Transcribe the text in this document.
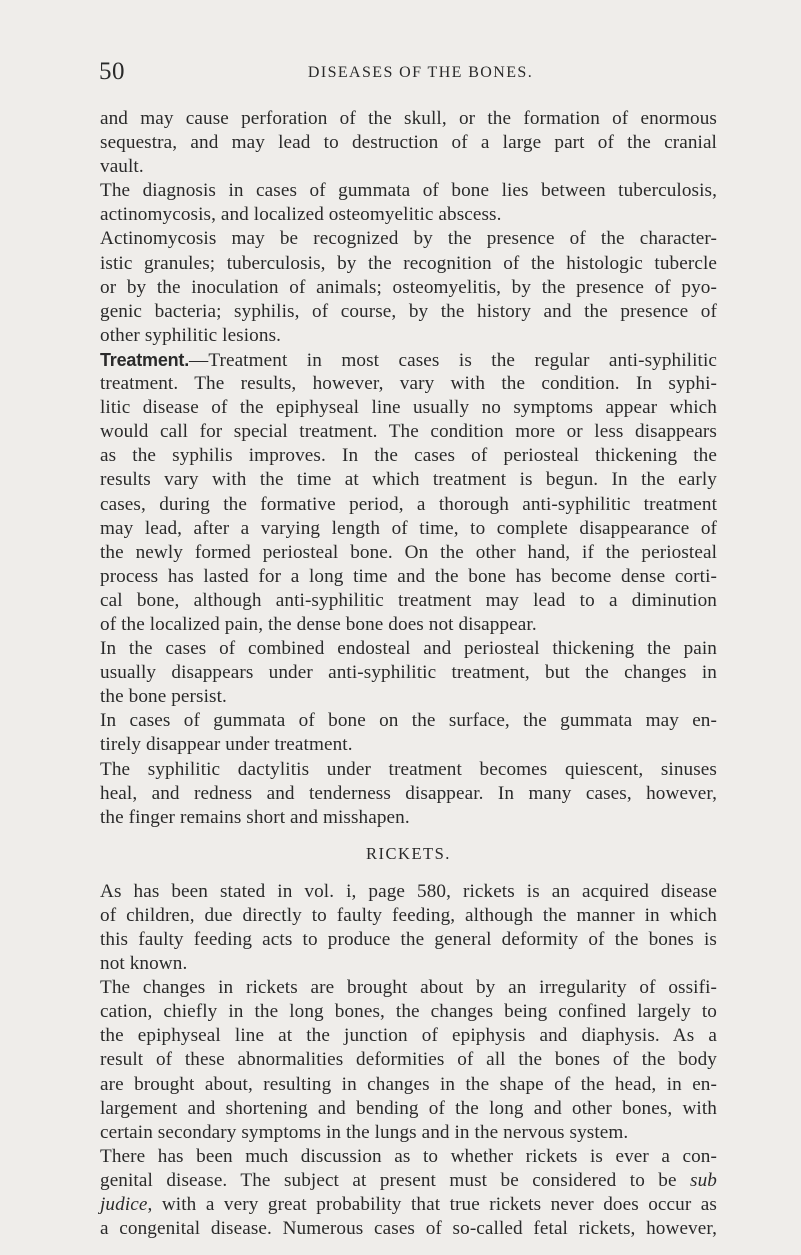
50	DISEASES OF THE BONES.
and may cause perforation of the skull, or the formation of enormous
sequestra, and may lead to destruction of a large part of the cranial
vault.
The diagnosis in cases of gummata of bone lies between tuberculosis,
actinomycosis, and localized osteomyelitic abscess.
Actinomycosis may be recognized by the presence of the character-
istic granules; tuberculosis, by the recognition of the histologic tubercle
or by the inoculation of animals; osteomyelitis, by the presence of pyo-
genic bacteria; syphilis, of course, by the history and the presence of
other syphilitic lesions.
Treatment.—Treatment in most cases is the regular anti-syphilitic
treatment. The results, however, vary with the condition. In syphi-
litic disease of the epiphyseal line usually no symptoms appear which
would call for special treatment. The condition more or less disappears
as the syphilis improves. In the cases of periosteal thickening the
results vary with the time at which treatment is begun. In the early
cases, during the formative period, a thorough anti-syphilitic treatment
may lead, after a varying length of time, to complete disappearance of
the newly formed periosteal bone. On the other hand, if the periosteal
process has lasted for a long time and the bone has become dense corti-
cal bone, although anti-syphilitic treatment may lead to a diminution
of the localized pain, the dense bone does not disappear.
In the cases of combined endosteal and periosteal thickening the pain
usually disappears under anti-syphilitic treatment, but the changes in
the bone persist.
In cases of gummata of bone on the surface, the gummata may en-
tirely disappear under treatment.
The syphilitic dactylitis under treatment becomes quiescent, sinuses
heal, and redness and tenderness disappear. In many cases, however,
the finger remains short and misshapen.
RICKETS.
As has been stated in vol. i, page 580, rickets is an acquired disease
of children, due directly to faulty feeding, although the manner in which
this faulty feeding acts to produce the general deformity of the bones is
not known.
The changes in rickets are brought about by an irregularity of ossifi-
cation, chiefly in the long bones, the changes being confined largely to
the epiphyseal line at the junction of epiphysis and diaphysis. As a
result of these abnormalities deformities of all the bones of the body
are brought about, resulting in changes in the shape of the head, in en-
largement and shortening and bending of the long and other bones, with
certain secondary symptoms in the lungs and in the nervous system.
There has been much discussion as to whether rickets is ever a con-
genital disease. The subject at present must be considered to be sub
judice, with a very great probability that true rickets never does occur as
a congenital disease. Numerous cases of so-called fetal rickets, however,
